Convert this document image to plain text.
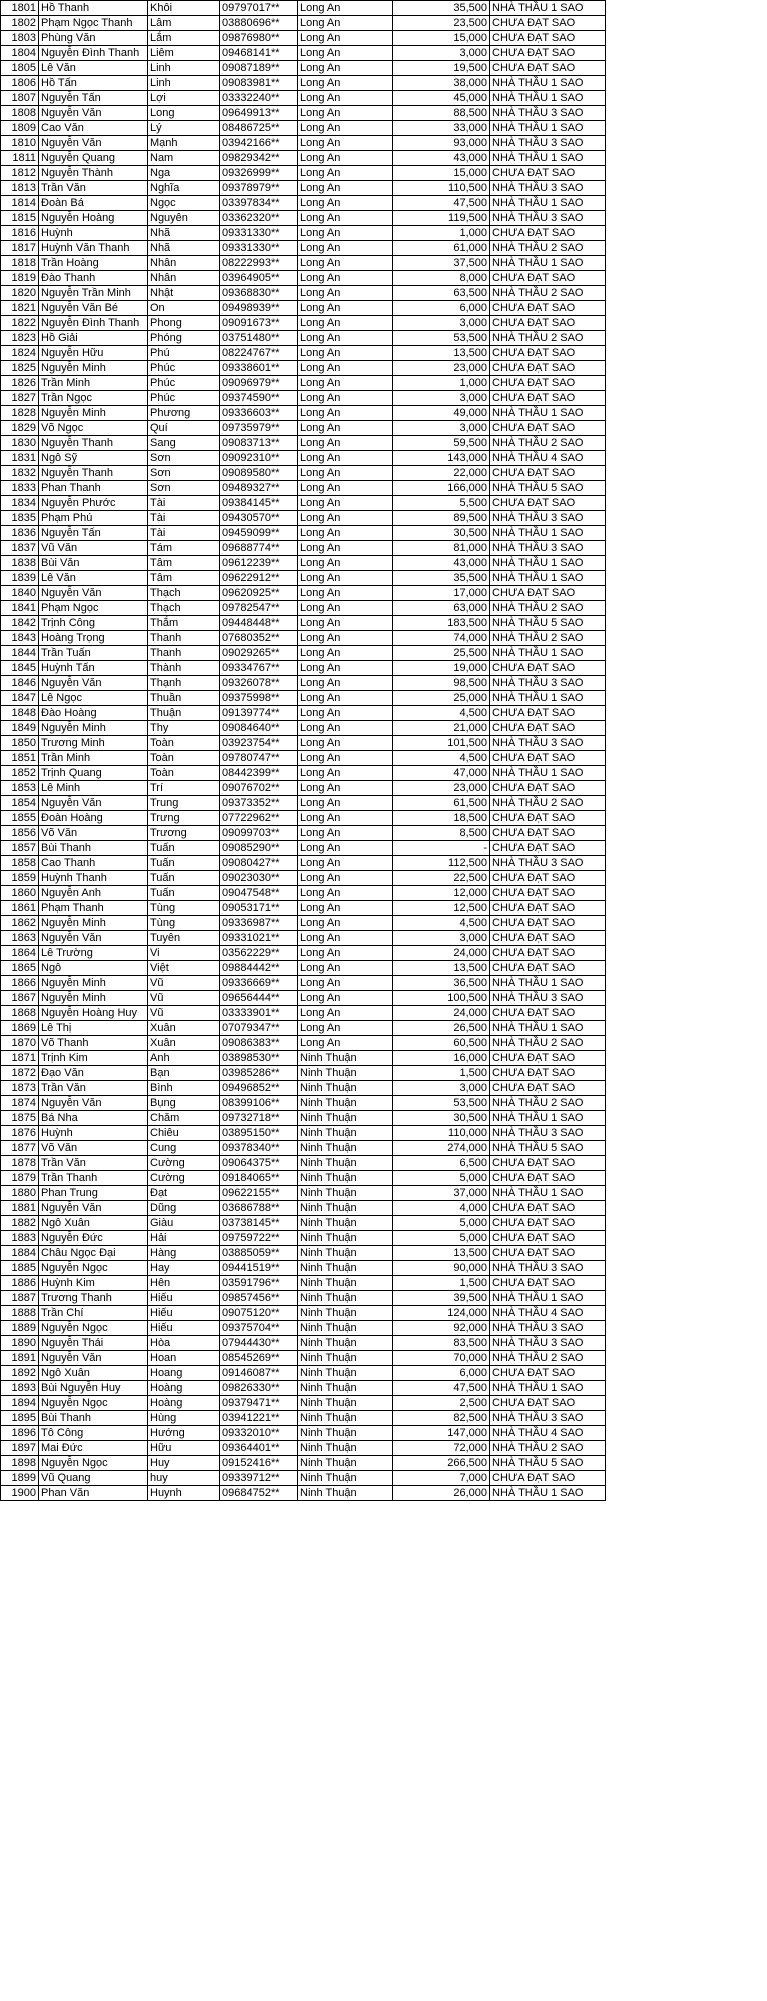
1801	Hồ Thanh	Khôi	09797017**	Long An	35,500	NHÀ THẦU 1 SAO
1802	Phạm Ngọc Thanh	Lâm	03880696**	Long An	23,500	CHƯA ĐẠT SAO
1803	Phùng Văn	Lắm	09876980**	Long An	15,000	CHƯA ĐẠT SAO
1804	Nguyễn Đình Thanh	Liêm	09468141**	Long An	3,000	CHƯA ĐẠT SAO
1805	Lê Văn	Linh	09087189**	Long An	19,500	CHƯA ĐẠT SAO
1806	Hồ Tấn	Linh	09083981**	Long An	38,000	NHÀ THẦU 1 SAO
1807	Nguyễn Tấn	Lợi	03332240**	Long An	45,000	NHÀ THẦU 1 SAO
1808	Nguyễn Văn	Long	09649913**	Long An	88,500	NHÀ THẦU 3 SAO
1809	Cao Văn	Lý	08486725**	Long An	33,000	NHÀ THẦU 1 SAO
1810	Nguyễn Văn	Mạnh	03942166**	Long An	93,000	NHÀ THẦU 3 SAO
1811	Nguyễn Quang	Nam	09829342**	Long An	43,000	NHÀ THẦU 1 SAO
1812	Nguyễn Thành	Nga	09326999**	Long An	15,000	CHƯA ĐẠT SAO
1813	Trần Văn	Nghĩa	09378979**	Long An	110,500	NHÀ THẦU 3 SAO
1814	Đoàn Bá	Ngọc	03397834**	Long An	47,500	NHÀ THẦU 1 SAO
1815	Nguyễn Hoàng	Nguyên	03362320**	Long An	119,500	NHÀ THẦU 3 SAO
1816	Huỳnh	Nhã	09331330**	Long An	1,000	CHƯA ĐẠT SAO
1817	Huỳnh Văn Thanh	Nhã	09331330**	Long An	61,000	NHÀ THẦU 2 SAO
1818	Trần Hoàng	Nhân	08222993**	Long An	37,500	NHÀ THẦU 1 SAO
1819	Đào Thanh	Nhân	03964905**	Long An	8,000	CHƯA ĐẠT SAO
1820	Nguyễn Trần Minh	Nhật	09368830**	Long An	63,500	NHÀ THẦU 2 SAO
1821	Nguyễn Văn Bé	On	09498939**	Long An	6,000	CHƯA ĐẠT SAO
1822	Nguyễn Đình Thanh	Phong	09091673**	Long An	3,000	CHƯA ĐẠT SAO
1823	Hồ Giải	Phóng	03751480**	Long An	53,500	NHÀ THẦU 2 SAO
1824	Nguyễn Hữu	Phú	08224767**	Long An	13,500	CHƯA ĐẠT SAO
1825	Nguyễn Minh	Phúc	09338601**	Long An	23,000	CHƯA ĐẠT SAO
1826	Trần Minh	Phúc	09096979**	Long An	1,000	CHƯA ĐẠT SAO
1827	Trần Ngọc	Phúc	09374590**	Long An	3,000	CHƯA ĐẠT SAO
1828	Nguyễn Minh	Phương	09336603**	Long An	49,000	NHÀ THẦU 1 SAO
1829	Võ Ngọc	Quí	09735979**	Long An	3,000	CHƯA ĐẠT SAO
1830	Nguyễn Thanh	Sang	09083713**	Long An	59,500	NHÀ THẦU 2 SAO
1831	Ngô Sỹ	Sơn	09092310**	Long An	143,000	NHÀ THẦU 4 SAO
1832	Nguyễn Thanh	Sơn	09089580**	Long An	22,000	CHƯA ĐẠT SAO
1833	Phan Thanh	Sơn	09489327**	Long An	166,000	NHÀ THẦU 5 SAO
1834	Nguyễn Phước	Tài	09384145**	Long An	5,500	CHƯA ĐẠT SAO
1835	Phạm Phú	Tài	09430570**	Long An	89,500	NHÀ THẦU 3 SAO
1836	Nguyễn Tấn	Tài	09459099**	Long An	30,500	NHÀ THẦU 1 SAO
1837	Vũ Văn	Tám	09688774**	Long An	81,000	NHÀ THẦU 3 SAO
1838	Bùi Văn	Tâm	09612239**	Long An	43,000	NHÀ THẦU 1 SAO
1839	Lê Văn	Tâm	09622912**	Long An	35,500	NHÀ THẦU 1 SAO
1840	Nguyễn Văn	Thạch	09620925**	Long An	17,000	CHƯA ĐẠT SAO
1841	Phạm Ngọc	Thạch	09782547**	Long An	63,000	NHÀ THẦU 2 SAO
1842	Trịnh Công	Thắm	09448448**	Long An	183,500	NHÀ THẦU 5 SAO
1843	Hoàng Trọng	Thanh	07680352**	Long An	74,000	NHÀ THẦU 2 SAO
1844	Trần Tuấn	Thanh	09029265**	Long An	25,500	NHÀ THẦU 1 SAO
1845	Huỳnh Tấn	Thành	09334767**	Long An	19,000	CHƯA ĐẠT SAO
1846	Nguyễn Văn	Thạnh	09326078**	Long An	98,500	NHÀ THẦU 3 SAO
1847	Lê Ngọc	Thuần	09375998**	Long An	25,000	NHÀ THẦU 1 SAO
1848	Đào Hoàng	Thuận	09139774**	Long An	4,500	CHƯA ĐẠT SAO
1849	Nguyễn Minh	Thy	09084640**	Long An	21,000	CHƯA ĐẠT SAO
1850	Trương Minh	Toàn	03923754**	Long An	101,500	NHÀ THẦU 3 SAO
1851	Trần Minh	Toàn	09780747**	Long An	4,500	CHƯA ĐẠT SAO
1852	Trịnh Quang	Toàn	08442399**	Long An	47,000	NHÀ THẦU 1 SAO
1853	Lê Minh	Trí	09076702**	Long An	23,000	CHƯA ĐẠT SAO
1854	Nguyễn Văn	Trung	09373352**	Long An	61,500	NHÀ THẦU 2 SAO
1855	Đoàn Hoàng	Trưng	07722962**	Long An	18,500	CHƯA ĐẠT SAO
1856	Võ Văn	Trương	09099703**	Long An	8,500	CHƯA ĐẠT SAO
1857	Bùi Thanh	Tuấn	09085290**	Long An	-	CHƯA ĐẠT SAO
1858	Cao Thanh	Tuấn	09080427**	Long An	112,500	NHÀ THẦU 3 SAO
1859	Huỳnh Thanh	Tuấn	09023030**	Long An	22,500	CHƯA ĐẠT SAO
1860	Nguyễn Anh	Tuấn	09047548**	Long An	12,000	CHƯA ĐẠT SAO
1861	Phạm Thanh	Tùng	09053171**	Long An	12,500	CHƯA ĐẠT SAO
1862	Nguyễn Minh	Tùng	09336987**	Long An	4,500	CHƯA ĐẠT SAO
1863	Nguyễn Văn	Tuyên	09331021**	Long An	3,000	CHƯA ĐẠT SAO
1864	Lê Trường	Vi	03562229**	Long An	24,000	CHƯA ĐẠT SAO
1865	Ngô	Việt	09884442**	Long An	13,500	CHƯA ĐẠT SAO
1866	Nguyễn Minh	Vũ	09336669**	Long An	36,500	NHÀ THẦU 1 SAO
1867	Nguyễn Minh	Vũ	09656444**	Long An	100,500	NHÀ THẦU 3 SAO
1868	Nguyễn Hoàng Huy	Vũ	03333901**	Long An	24,000	CHƯA ĐẠT SAO
1869	Lê Thị	Xuân	07079347**	Long An	26,500	NHÀ THẦU 1 SAO
1870	Võ Thanh	Xuân	09086383**	Long An	60,500	NHÀ THẦU 2 SAO
1871	Trịnh Kim	Anh	03898530**	Ninh Thuận	16,000	CHƯA ĐẠT SAO
1872	Đạo Văn	Bạn	03985286**	Ninh Thuận	1,500	CHƯA ĐẠT SAO
1873	Trần Văn	Bình	09496852**	Ninh Thuận	3,000	CHƯA ĐẠT SAO
1874	Nguyễn Văn	Bụng	08399106**	Ninh Thuận	53,500	NHÀ THẦU 2 SAO
1875	Bá Nha	Chăm	09732718**	Ninh Thuận	30,500	NHÀ THẦU 1 SAO
1876	Huỳnh	Chiêu	03895150**	Ninh Thuận	110,000	NHÀ THẦU 3 SAO
1877	Võ Văn	Cung	09378340**	Ninh Thuận	274,000	NHÀ THẦU 5 SAO
1878	Trần Văn	Cường	09064375**	Ninh Thuận	6,500	CHƯA ĐẠT SAO
1879	Trần Thanh	Cường	09184065**	Ninh Thuận	5,000	CHƯA ĐẠT SAO
1880	Phan Trung	Đạt	09622155**	Ninh Thuận	37,000	NHÀ THẦU 1 SAO
1881	Nguyễn Văn	Dũng	03686788**	Ninh Thuận	4,000	CHƯA ĐẠT SAO
1882	Ngô Xuân	Giàu	03738145**	Ninh Thuận	5,000	CHƯA ĐẠT SAO
1883	Nguyễn Đức	Hải	09759722**	Ninh Thuận	5,000	CHƯA ĐẠT SAO
1884	Châu Ngọc Đại	Hàng	03885059**	Ninh Thuận	13,500	CHƯA ĐẠT SAO
1885	Nguyễn Ngọc	Hay	09441519**	Ninh Thuận	90,000	NHÀ THẦU 3 SAO
1886	Huỳnh Kim	Hên	03591796**	Ninh Thuận	1,500	CHƯA ĐẠT SAO
1887	Trương Thanh	Hiếu	09857456**	Ninh Thuận	39,500	NHÀ THẦU 1 SAO
1888	Trần Chí	Hiếu	09075120**	Ninh Thuận	124,000	NHÀ THẦU 4 SAO
1889	Nguyễn Ngọc	Hiếu	09375704**	Ninh Thuận	92,000	NHÀ THẦU 3 SAO
1890	Nguyễn Thái	Hòa	07944430**	Ninh Thuận	83,500	NHÀ THẦU 3 SAO
1891	Nguyễn Văn	Hoan	08545269**	Ninh Thuận	70,000	NHÀ THẦU 2 SAO
1892	Ngô Xuân	Hoang	09146087**	Ninh Thuận	6,000	CHƯA ĐẠT SAO
1893	Bùi Nguyễn Huy	Hoàng	09826330**	Ninh Thuận	47,500	NHÀ THẦU 1 SAO
1894	Nguyễn Ngọc	Hoàng	09379471**	Ninh Thuận	2,500	CHƯA ĐẠT SAO
1895	Bùi Thanh	Hùng	03941221**	Ninh Thuận	82,500	NHÀ THẦU 3 SAO
1896	Tô Công	Hướng	09332010**	Ninh Thuận	147,000	NHÀ THẦU 4 SAO
1897	Mai Đức	Hữu	09364401**	Ninh Thuận	72,000	NHÀ THẦU 2 SAO
1898	Nguyễn Ngọc	Huy	09152416**	Ninh Thuận	266,500	NHÀ THẦU 5 SAO
1899	Vũ Quang	huy	09339712**	Ninh Thuận	7,000	CHƯA ĐẠT SAO
1900	Phan Văn	Huynh	09684752**	Ninh Thuận	26,000	NHÀ THẦU 1 SAO
